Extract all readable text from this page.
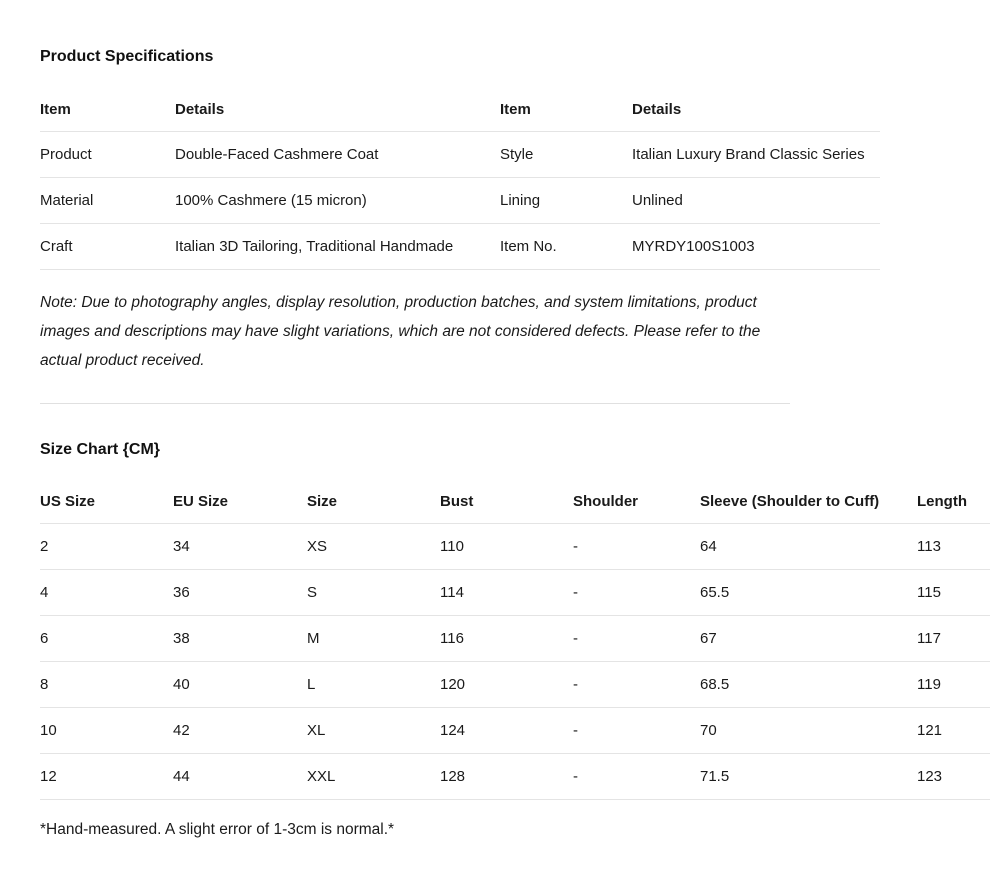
Product Specifications
Item	Details	Item	Details
Product	Double-Faced Cashmere Coat	Style	Italian Luxury Brand Classic Series
Material	100% Cashmere (15 micron)	Lining	Unlined
Craft	Italian 3D Tailoring, Traditional Handmade	Item No.	MYRDY100S1003

Note: Due to photography angles, display resolution, production batches, and system limitations, product images and descriptions may have slight variations, which are not considered defects. Please refer to the actual product received.

Size Chart {CM}
US Size	EU Size	Size	Bust	Shoulder	Sleeve (Shoulder to Cuff)	Length
2	34	XS	110	-	64	113
4	36	S	114	-	65.5	115
6	38	M	116	-	67	117
8	40	L	120	-	68.5	119
10	42	XL	124	-	70	121
12	44	XXL	128	-	71.5	123

*Hand-measured. A slight error of 1-3cm is normal.*
